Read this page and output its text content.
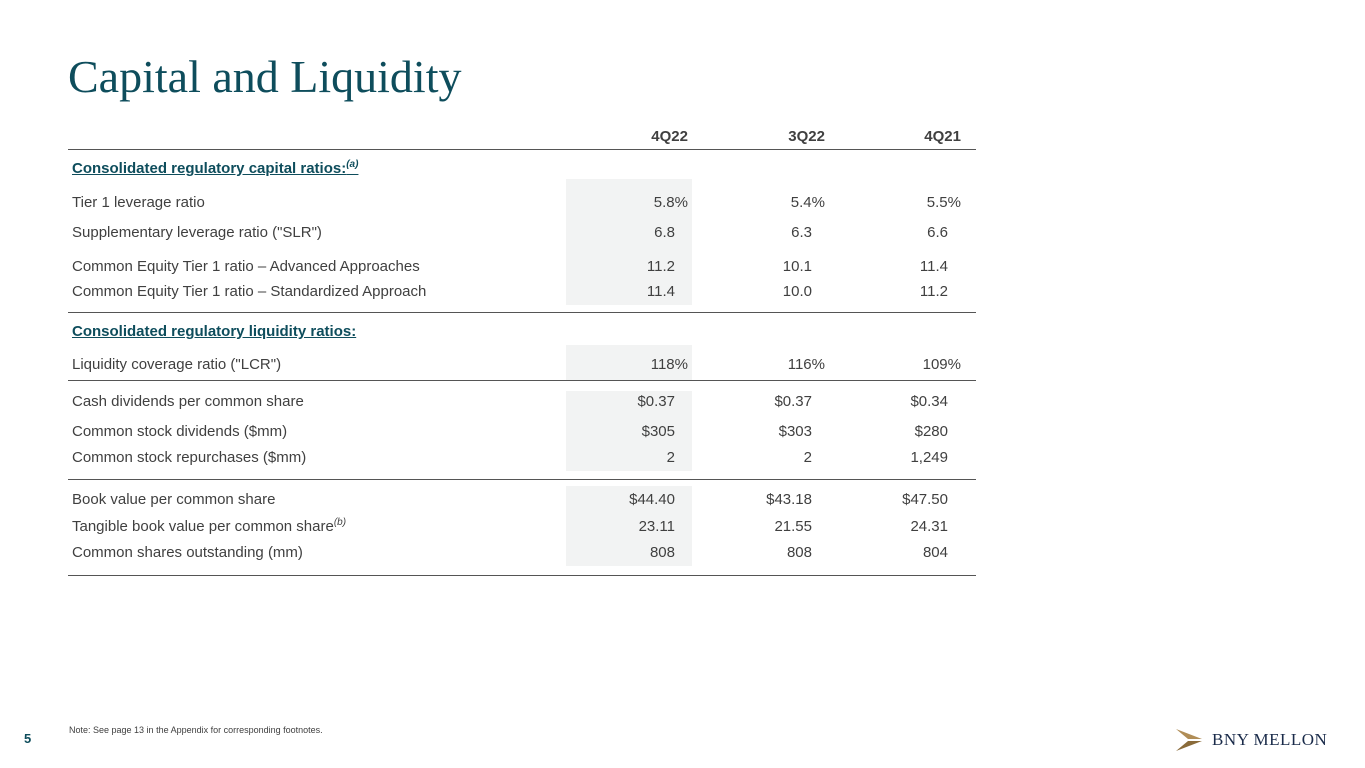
Capital and Liquidity
4Q22	3Q22	4Q21
Consolidated regulatory capital ratios:$^{(a)}$
Tier 1 leverage ratio	5.8%	5.4%	5.5%
Supplementary leverage ratio ("SLR")	6.8	6.3	6.6
Common Equity Tier 1 ratio – Advanced Approaches	11.2	10.1	11.4
Common Equity Tier 1 ratio – Standardized Approach	11.4	10.0	11.2
Consolidated regulatory liquidity ratios:
Liquidity coverage ratio ("LCR")	118%	116%	109%
Cash dividends per common share	$0.37	$0.37	$0.34
Common stock dividends ($mm)	$305	$303	$280
Common stock repurchases ($mm)	2	2	1,249
Book value per common share	$44.40	$43.18	$47.50
Tangible book value per common share$^{(b)}$	23.11	21.55	24.31
Common shares outstanding (mm)	808	808	804
Note: See page 13 in the Appendix for corresponding footnotes.
5	BNY MELLON
